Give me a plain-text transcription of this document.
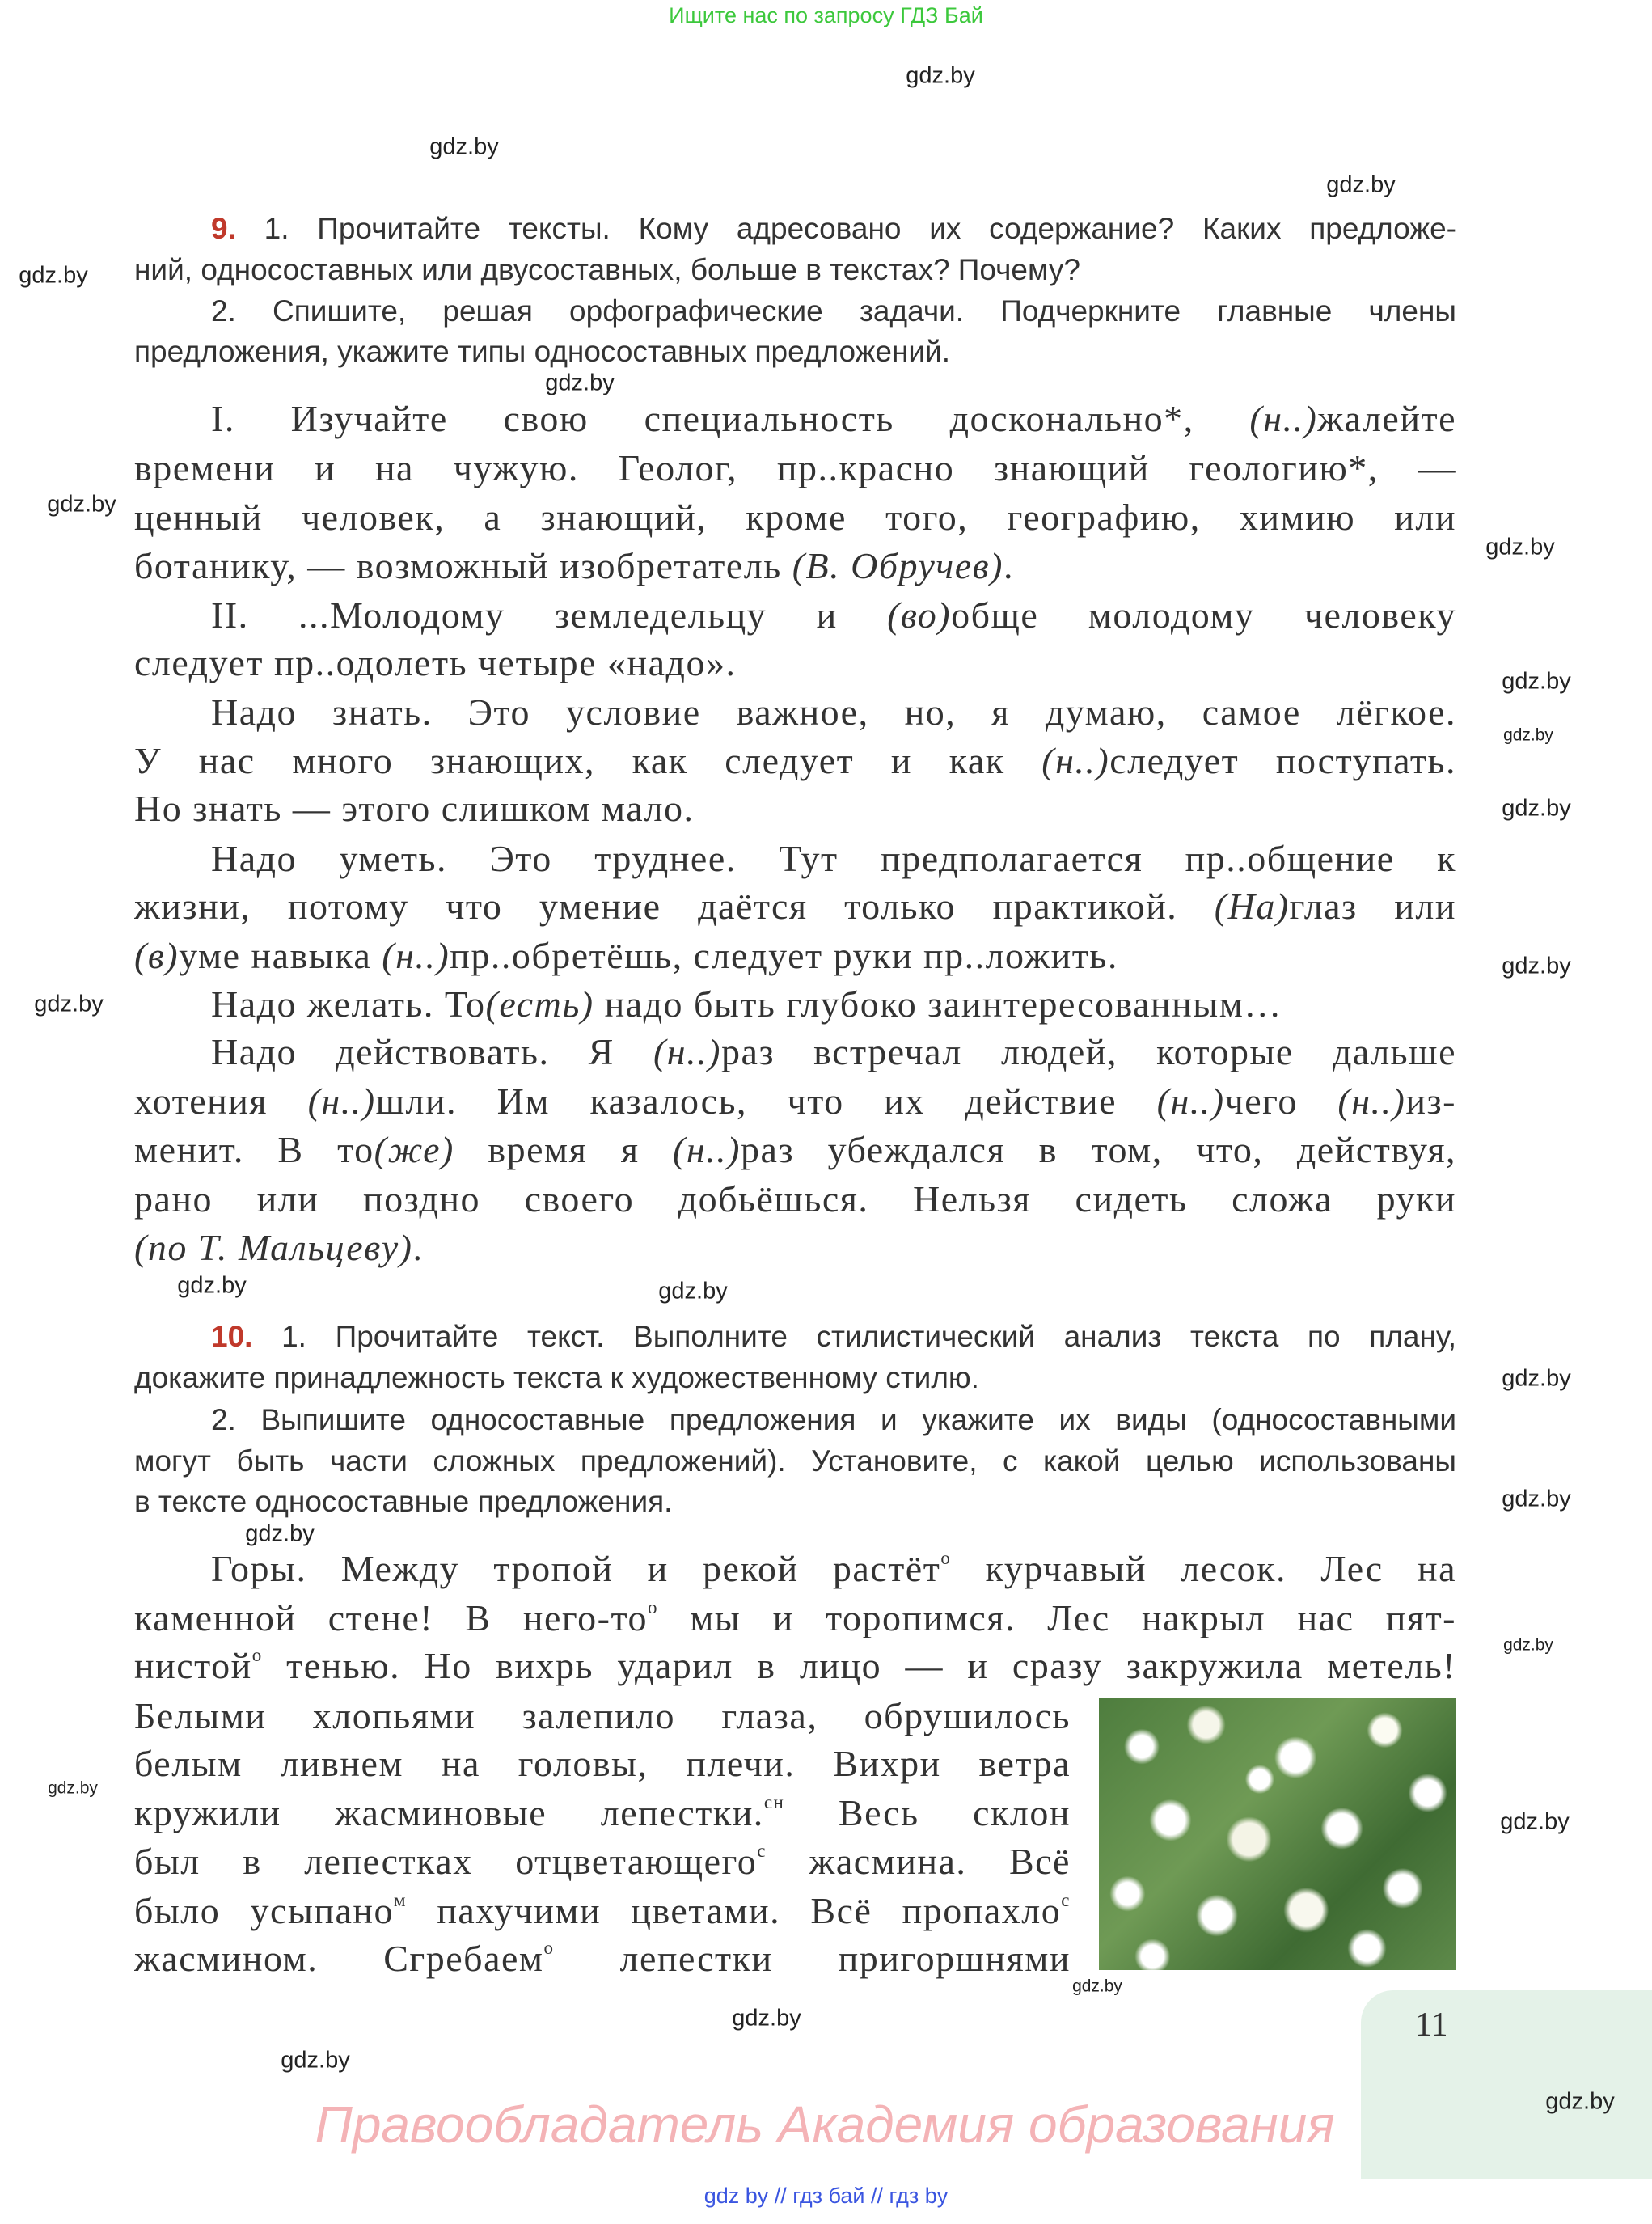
Ищите нас по запросу ГДЗ Бай
9. 1. Прочитайте тексты. Кому адресовано их содержание? Каких предложе-
ний, односоставных или двусоставных, больше в текстах? Почему?
2. Спишите, решая орфографические задачи. Подчеркните главные члены
предложения, укажите типы односоставных предложений.
I. Изучайте свою специальность досконально*, (н..)жалейте
времени и на чужую. Геолог, пр..красно знающий геологию*, —
ценный человек, а знающий, кроме того, географию, химию или
ботанику, — возможный изобретатель (В. Обручев).
II. ...Молодому земледельцу и (во)обще молодому человеку
следует пр..одолеть четыре «надо».
Надо знать. Это условие важное, но, я думаю, самое лёгкое.
У нас много знающих, как следует и как (н..)следует поступать.
Но знать — этого слишком мало.
Надо уметь. Это труднее. Тут предполагается пр..общение к
жизни, потому что умение даётся только практикой. (На)глаз или
(в)уме навыка (н..)пр..обретёшь, следует руки пр..ложить.
Надо желать. То(есть) надо быть глубоко заинтересованным…
Надо действовать. Я (н..)раз встречал людей, которые дальше
хотения (н..)шли. Им казалось, что их действие (н..)чего (н..)из-
менит. В то(же) время я (н..)раз убеждался в том, что, действуя,
рано или поздно своего добьёшься. Нельзя сидеть сложа руки
(по Т. Мальцеву).
10. 1. Прочитайте текст. Выполните стилистический анализ текста по плану,
докажите принадлежность текста к художественному стилю.
2. Выпишите односоставные предложения и укажите их виды (односоставными
могут быть части сложных предложений). Установите, с какой целью использованы
в тексте односоставные предложения.
Горы. Между тропой и рекой растёт$^о$ курчавый лесок. Лес на
каменной стене! В него-$то^о$ мы и торопимся. Лес накрыл нас пят-
нистой$^о$ тенью. Но вихрь ударил в лицо — и сразу закружила метель!
Белыми хлопьями залепило глаза, обрушилось
белым ливнем на головы, плечи. Вихри ветра
кружили жасминовые лепестки.$^{сн}$ Весь склон
был в лепестках отцветающего$^с$ жасмина. Всё
было усыпано$^м$ пахучими цветами. Всё пропахло$^с$
жасмином. Сгребаем$^о$ лепестки пригоршнями
11
Правообладатель Академия образования
gdz by // гдз бай // гдз by
gdz.by
gdz.by
gdz.by
gdz.by
gdz.by
gdz.by
gdz.by
gdz.by
gdz.by
gdz.by
gdz.by
gdz.by
gdz.by
gdz.by
gdz.by
gdz.by
gdz.by
gdz.by
gdz.by
gdz.by
gdz.by
gdz.by
gdz.by
gdz.by
